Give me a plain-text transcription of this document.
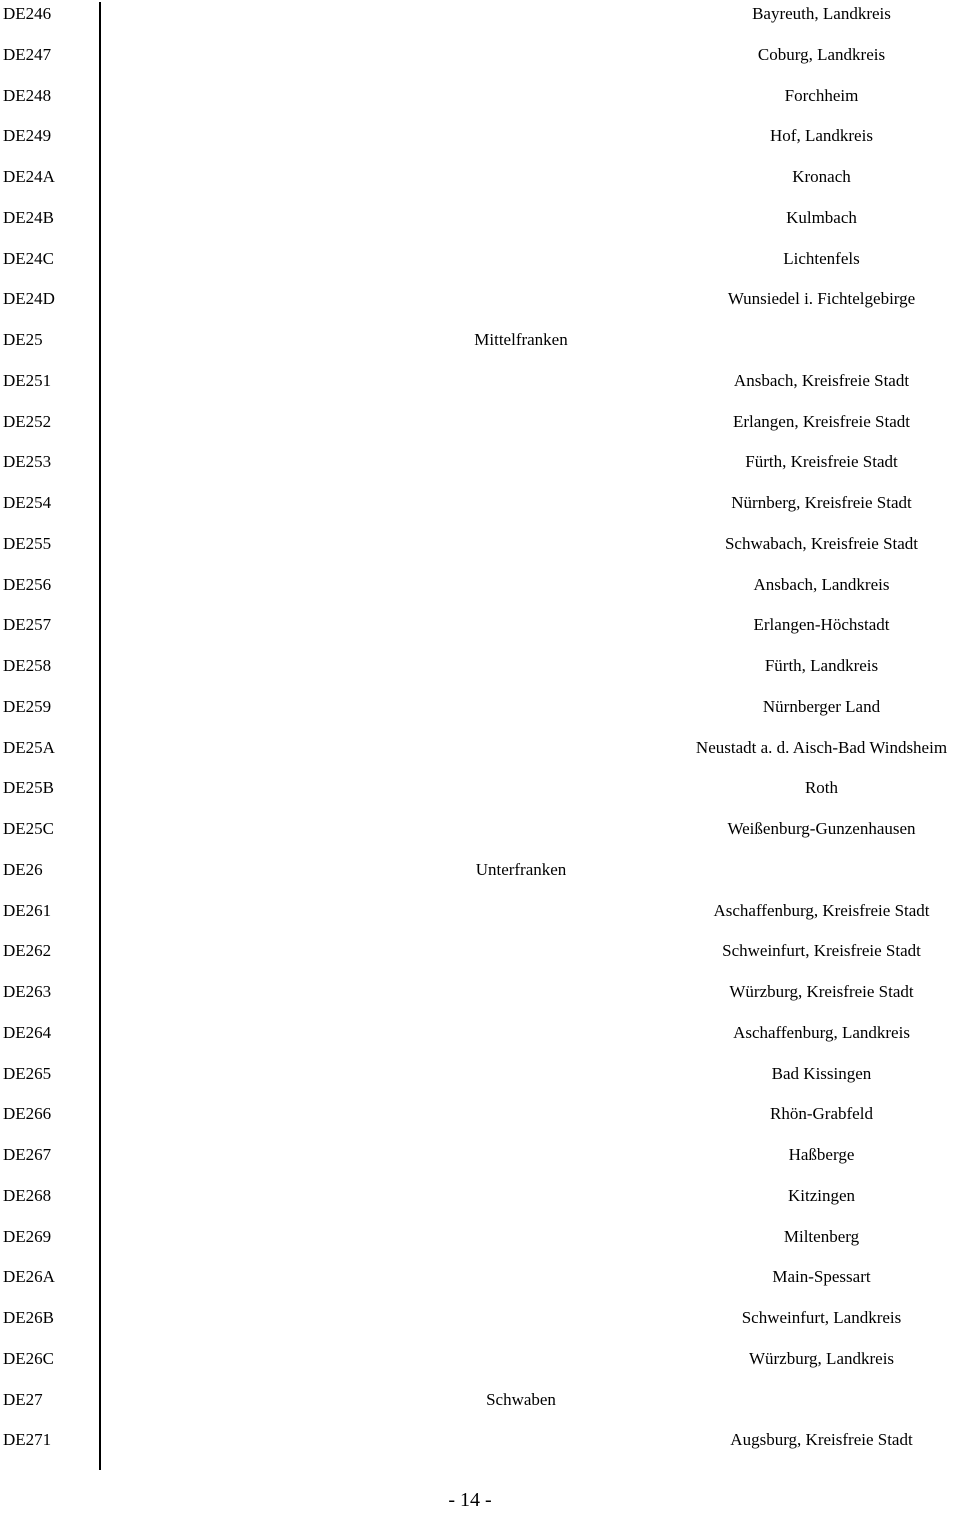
DE246	Bayreuth, Landkreis
DE247	Coburg, Landkreis
DE248	Forchheim
DE249	Hof, Landkreis
DE24A	Kronach
DE24B	Kulmbach
DE24C	Lichtenfels
DE24D	Wunsiedel i. Fichtelgebirge
DE25	Mittelfranken
DE251	Ansbach, Kreisfreie Stadt
DE252	Erlangen, Kreisfreie Stadt
DE253	Fürth, Kreisfreie Stadt
DE254	Nürnberg, Kreisfreie Stadt
DE255	Schwabach, Kreisfreie Stadt
DE256	Ansbach, Landkreis
DE257	Erlangen-Höchstadt
DE258	Fürth, Landkreis
DE259	Nürnberger Land
DE25A	Neustadt a. d. Aisch-Bad Windsheim
DE25B	Roth
DE25C	Weißenburg-Gunzenhausen
DE26	Unterfranken
DE261	Aschaffenburg, Kreisfreie Stadt
DE262	Schweinfurt, Kreisfreie Stadt
DE263	Würzburg, Kreisfreie Stadt
DE264	Aschaffenburg, Landkreis
DE265	Bad Kissingen
DE266	Rhön-Grabfeld
DE267	Haßberge
DE268	Kitzingen
DE269	Miltenberg
DE26A	Main-Spessart
DE26B	Schweinfurt, Landkreis
DE26C	Würzburg, Landkreis
DE27	Schwaben
DE271	Augsburg, Kreisfreie Stadt
- 14 -
